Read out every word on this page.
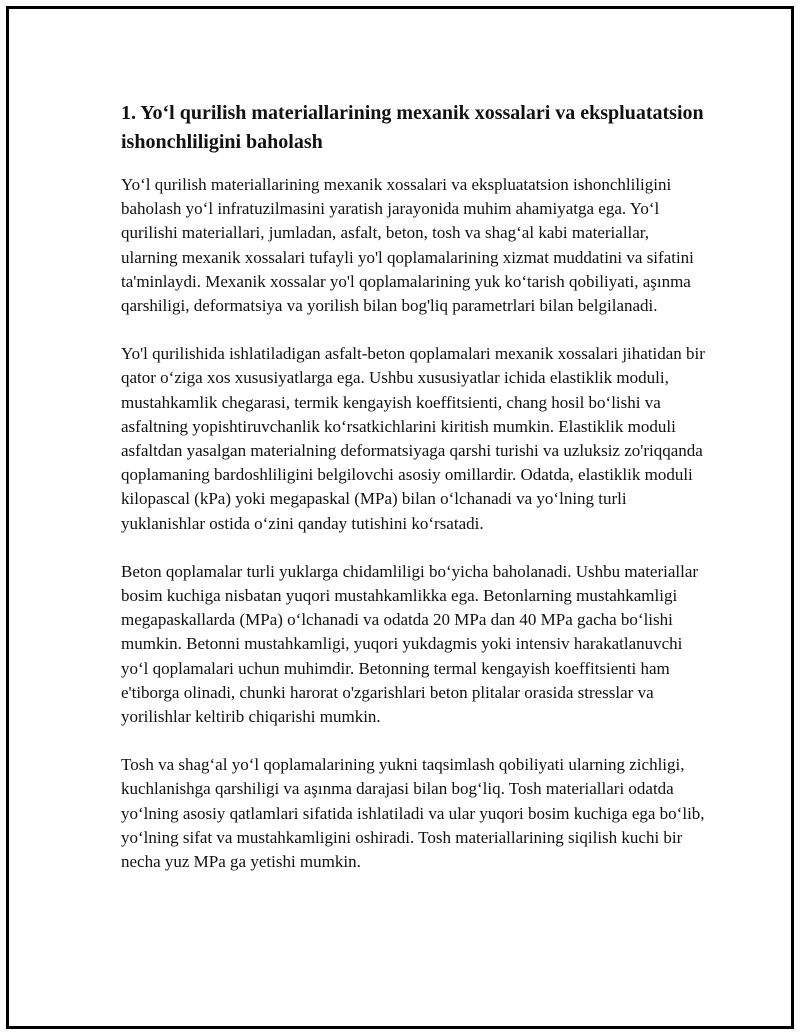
1. Yo‘l qurilish materiallarining mexanik xossalari va ekspluatatsion ishonchliligini baholash

Yo‘l qurilish materiallarining mexanik xossalari va ekspluatatsion ishonchliligini baholash yo‘l infratuzilmasini yaratish jarayonida muhim ahamiyatga ega. Yo‘l qurilishi materiallari, jumladan, asfalt, beton, tosh va shag‘al kabi materiallar, ularning mexanik xossalari tufayli yo'l qoplamalarining xizmat muddatini va sifatini ta'minlaydi. Mexanik xossalar yo'l qoplamalarining yuk ko‘tarish qobiliyati, aşınma qarshiligi, deformatsiya va yorilish bilan bog'liq parametrlari bilan belgilanadi.

Yo'l qurilishida ishlatiladigan asfalt-beton qoplamalari mexanik xossalari jihatidan bir qator o‘ziga xos xususiyatlarga ega. Ushbu xususiyatlar ichida elastiklik moduli, mustahkamlik chegarasi, termik kengayish koeffitsienti, chang hosil bo‘lishi va asfaltning yopishtiruvchanlik ko‘rsatkichlarini kiritish mumkin. Elastiklik moduli asfaltdan yasalgan materialning deformatsiyaga qarshi turishi va uzluksiz zo'riqqanda qoplamaning bardoshliligini belgilovchi asosiy omillardir. Odatda, elastiklik moduli kilopascal (kPa) yoki megapaskal (MPa) bilan o‘lchanadi va yo‘lning turli yuklanishlar ostida o‘zini qanday tutishini ko‘rsatadi.

Beton qoplamalar turli yuklarga chidamliligi bo‘yicha baholanadi. Ushbu materiallar bosim kuchiga nisbatan yuqori mustahkamlikka ega. Betonlarning mustahkamligi megapaskallarda (MPa) o‘lchanadi va odatda 20 MPa dan 40 MPa gacha bo‘lishi mumkin. Betonni mustahkamligi, yuqori yukdagmis yoki intensiv harakatlanuvchi yo‘l qoplamalari uchun muhimdir. Betonning termal kengayish koeffitsienti ham e'tiborga olinadi, chunki harorat o'zgarishlari beton plitalar orasida stresslar va yorilishlar keltirib chiqarishi mumkin.

Tosh va shag‘al yo‘l qoplamalarining yukni taqsimlash qobiliyati ularning zichligi, kuchlanishga qarshiligi va aşınma darajasi bilan bog‘liq. Tosh materiallari odatda yo‘lning asosiy qatlamlari sifatida ishlatiladi va ular yuqori bosim kuchiga ega bo‘lib, yo‘lning sifat va mustahkamligini oshiradi. Tosh materiallarining siqilish kuchi bir necha yuz MPa ga yetishi mumkin.
